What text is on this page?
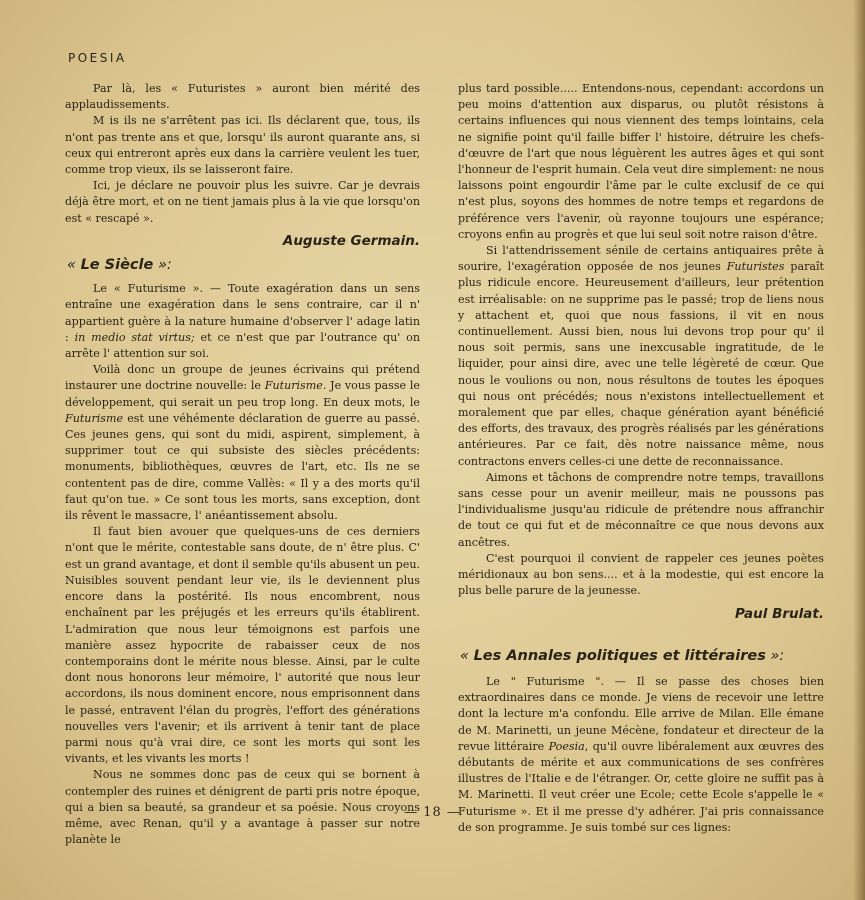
POESIA

Par là, les « Futuristes » auront bien mérité des applaudissements.

M is ils ne s'arrêtent pas ici. Ils déclarent que, tous, ils n'ont pas trente ans et que, lorsqu' ils auront quarante ans, si ceux qui entreront après eux dans la carrière veulent les tuer, comme trop vieux, ils se laisseront faire.

Ici, je déclare ne pouvoir plus les suivre. Car je devrais déjà être mort, et on ne tient jamais plus à la vie que lorsqu'on est « rescapé ».

Auguste Germain.
« Le Siècle »:

Le « Futurisme ». — Toute exagération dans un sens entraîne une exagération dans le sens contraire, car il n' appartient guère à la nature humaine d'observer l' adage latin : in medio stat virtus; et ce n'est que par l'outrance qu' on arrête l' attention sur soi.

Voilà donc un groupe de jeunes écrivains qui prétend instaurer une doctrine nouvelle: le Futurisme. Je vous passe le développement, qui serait un peu trop long. En deux mots, le Futurisme est une véhémente déclaration de guerre au passé. Ces jeunes gens, qui sont du midi, aspirent, simplement, à supprimer tout ce qui subsiste des siècles précédents: monuments, bibliothèques, œuvres de l'art, etc. Ils ne se contentent pas de dire, comme Vallès: « Il y a des morts qu'il faut qu'on tue. » Ce sont tous les morts, sans exception, dont ils rêvent le massacre, l' anéantissement absolu.

Il faut bien avouer que quelques-uns de ces derniers n'ont que le mérite, contestable sans doute, de n' être plus. C' est un grand avantage, et dont il semble qu'ils abusent un peu. Nuisibles souvent pendant leur vie, ils le deviennent plus encore dans la postérité. Ils nous encombrent, nous enchaînent par les préjugés et les erreurs qu'ils établirent. L'admiration que nous leur témoignons est parfois une manière assez hypocrite de rabaisser ceux de nos contemporains dont le mérite nous blesse. Ainsi, par le culte dont nous honorons leur mémoire, l' autorité que nous leur accordons, ils nous dominent encore, nous emprisonnent dans le passé, entravent l'élan du progrès, l'effort des générations nouvelles vers l'avenir; et ils arrivent à tenir tant de place parmi nous qu'à vrai dire, ce sont les morts qui sont les vivants, et les vivants les morts !

Nous ne sommes donc pas de ceux qui se bornent à contempler des ruines et dénigrent de parti pris notre époque, qui a bien sa beauté, sa grandeur et sa poésie. Nous croyons même, avec Renan, qu'il y a avantage à passer sur notre planète le

plus tard possible..... Entendons-nous, cependant: accordons un peu moins d'attention aux disparus, ou plutôt résistons à certains influences qui nous viennent des temps lointains, cela ne signifie point qu'il faille biffer l' histoire, détruire les chefs-d'œuvre de l'art que nous léguèrent les autres âges et qui sont l'honneur de l'esprit humain. Cela veut dire simplement: ne nous laissons point engourdir l'âme par le culte exclusif de ce qui n'est plus, soyons des hommes de notre temps et regardons de préférence vers l'avenir, où rayonne toujours une espérance; croyons enfin au progrès et que lui seul soit notre raison d'être.

Si l'attendrissement sénile de certains antiquaires prête à sourire, l'exagération opposée de nos jeunes Futuristes paraît plus ridicule encore. Heureusement d'ailleurs, leur prétention est irréalisable: on ne supprime pas le passé; trop de liens nous y attachent et, quoi que nous fassions, il vit en nous continuellement. Aussi bien, nous lui devons trop pour qu' il nous soit permis, sans une inexcusable ingratitude, de le liquider, pour ainsi dire, avec une telle légèreté de cœur. Que nous le voulions ou non, nous résultons de toutes les époques qui nous ont précédés; nous n'existons intellectuellement et moralement que par elles, chaque génération ayant bénéficié des efforts, des travaux, des progrès réalisés par les générations antérieures. Par ce fait, dès notre naissance même, nous contractons envers celles-ci une dette de reconnaissance.

Aimons et tâchons de comprendre notre temps, travaillons sans cesse pour un avenir meilleur, mais ne poussons pas l'individualisme jusqu'au ridicule de prétendre nous affranchir de tout ce qui fut et de méconnaître ce que nous devons aux ancêtres.

C'est pourquoi il convient de rappeler ces jeunes poètes méridionaux au bon sens.... et à la modestie, qui est encore la plus belle parure de la jeunesse.

Paul Brulat.
« Les Annales politiques et littéraires »:

Le " Futurisme ". — Il se passe des choses bien extraordinaires dans ce monde. Je viens de recevoir une lettre dont la lecture m'a confondu. Elle arrive de Milan. Elle émane de M. Marinetti, un jeune Mécène, fondateur et directeur de la revue littéraire Poesia, qu'il ouvre libéralement aux œuvres des débutants de mérite et aux communications de ses confrères illustres de l'Italie e de l'étranger. Or, cette gloire ne suffit pas à M. Marinetti. Il veut créer une Ecole; cette Ecole s'appelle le « Futurisme ». Et il me presse d'y adhérer. J'ai pris connaissance de son programme. Je suis tombé sur ces lignes:

— 18 —
